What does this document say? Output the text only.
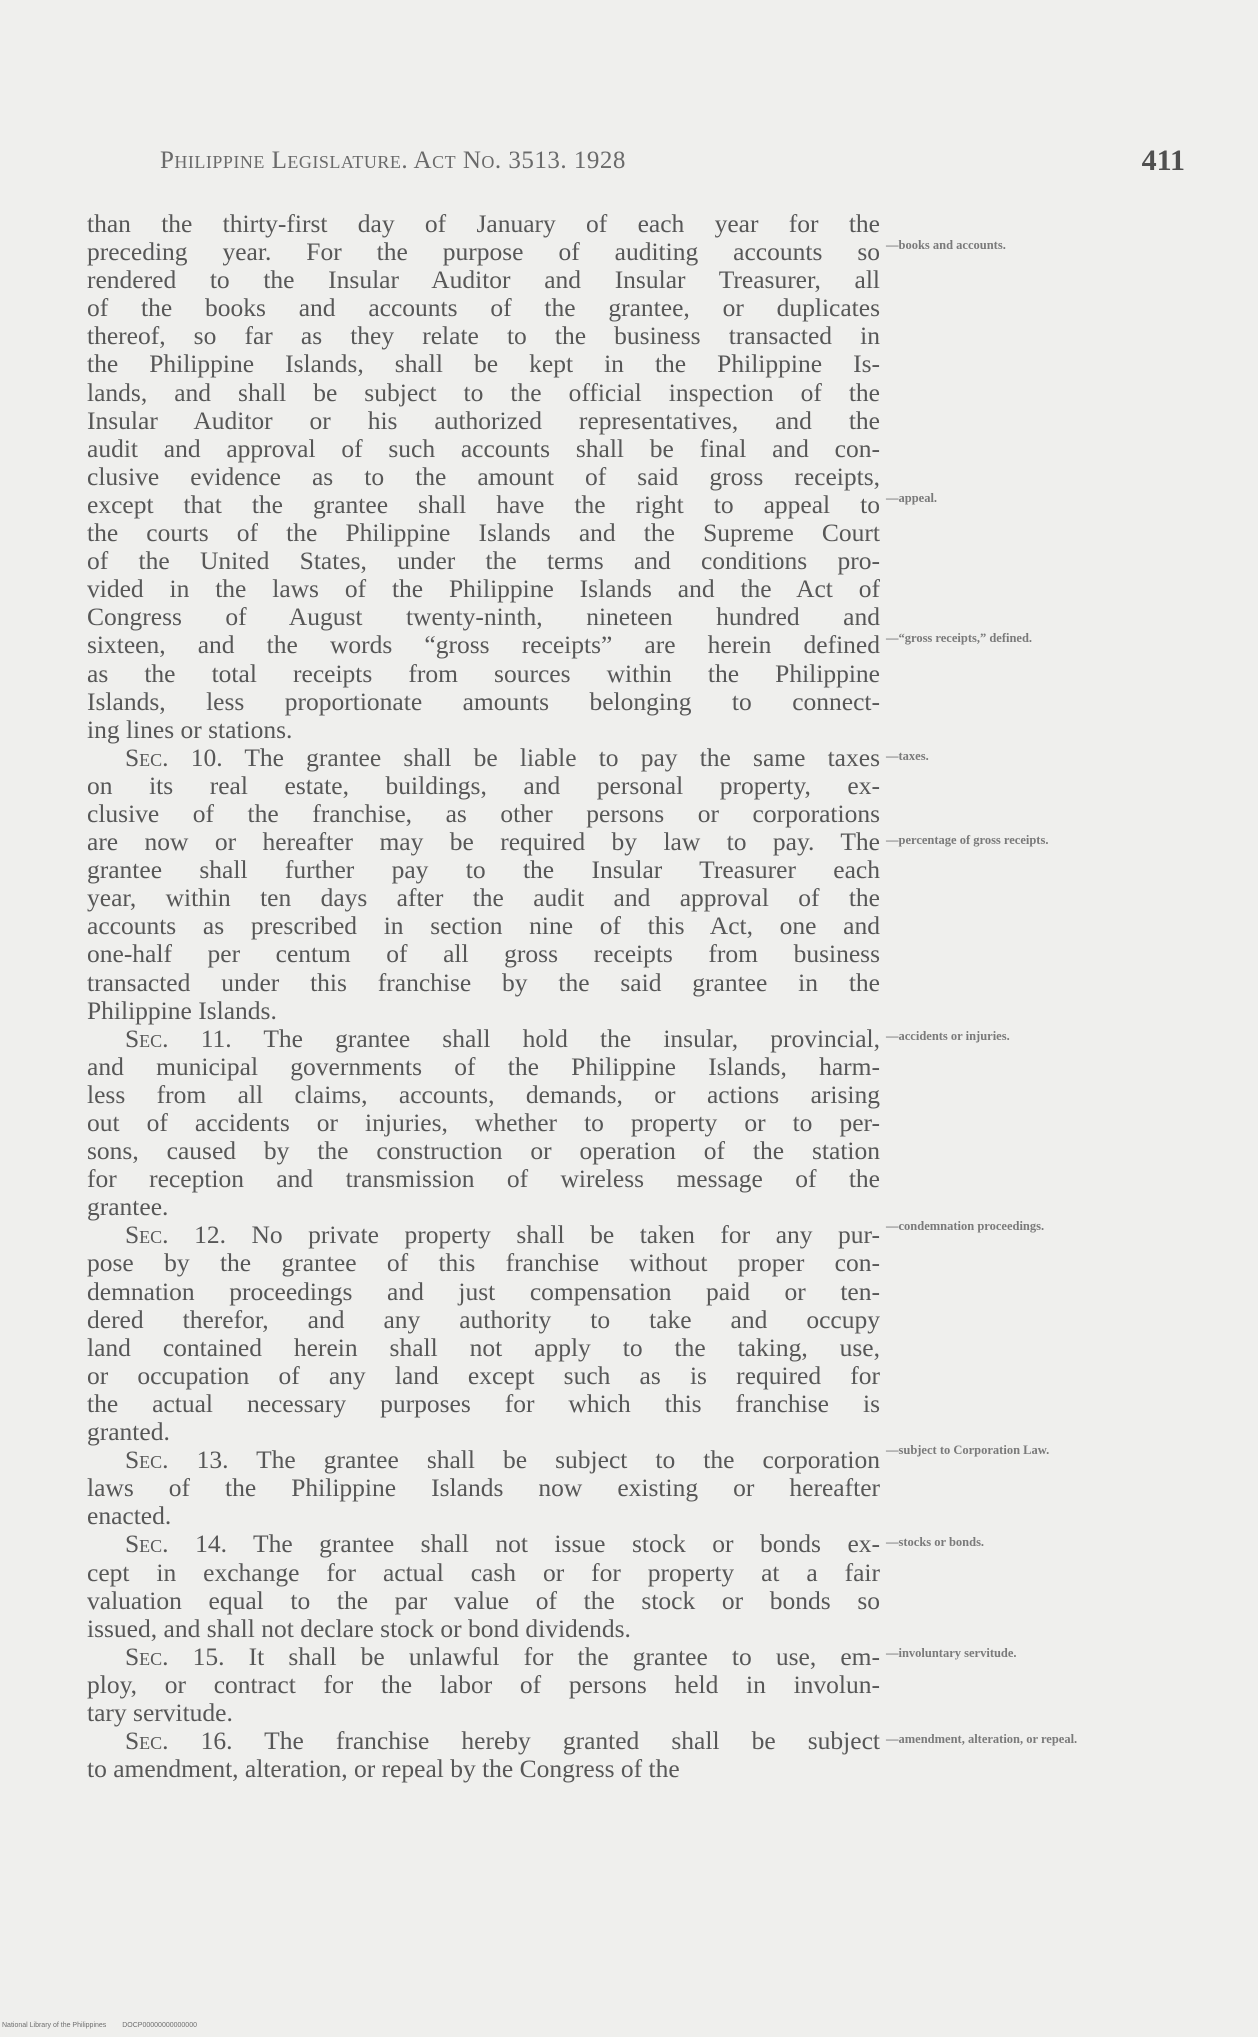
Philippine Legislature. Act No. 3513. 1928	411
than the thirty-first day of January of each year for the
preceding year. For the purpose of auditing accounts so
rendered to the Insular Auditor and Insular Treasurer, all
of the books and accounts of the grantee, or duplicates
thereof, so far as they relate to the business transacted in
the Philippine Islands, shall be kept in the Philippine Is-
lands, and shall be subject to the official inspection of the
Insular Auditor or his authorized representatives, and the
audit and approval of such accounts shall be final and con-
clusive evidence as to the amount of said gross receipts,
except that the grantee shall have the right to appeal to
the courts of the Philippine Islands and the Supreme Court
of the United States, under the terms and conditions pro-
vided in the laws of the Philippine Islands and the Act of
Congress of August twenty-ninth, nineteen hundred and
sixteen, and the words “gross receipts” are herein defined
as the total receipts from sources within the Philippine
Islands, less proportionate amounts belonging to connect-
ing lines or stations.
Sec. 10. The grantee shall be liable to pay the same taxes
on its real estate, buildings, and personal property, ex-
clusive of the franchise, as other persons or corporations
are now or hereafter may be required by law to pay. The
grantee shall further pay to the Insular Treasurer each
year, within ten days after the audit and approval of the
accounts as prescribed in section nine of this Act, one and
one-half per centum of all gross receipts from business
transacted under this franchise by the said grantee in the
Philippine Islands.
Sec. 11. The grantee shall hold the insular, provincial,
and municipal governments of the Philippine Islands, harm-
less from all claims, accounts, demands, or actions arising
out of accidents or injuries, whether to property or to per-
sons, caused by the construction or operation of the station
for reception and transmission of wireless message of the
grantee.
Sec. 12. No private property shall be taken for any pur-
pose by the grantee of this franchise without proper con-
demnation proceedings and just compensation paid or ten-
dered therefor, and any authority to take and occupy
land contained herein shall not apply to the taking, use,
or occupation of any land except such as is required for
the actual necessary purposes for which this franchise is
granted.
Sec. 13. The grantee shall be subject to the corporation
laws of the Philippine Islands now existing or hereafter
enacted.
Sec. 14. The grantee shall not issue stock or bonds ex-
cept in exchange for actual cash or for property at a fair
valuation equal to the par value of the stock or bonds so
issued, and shall not declare stock or bond dividends.
Sec. 15. It shall be unlawful for the grantee to use, em-
ploy, or contract for the labor of persons held in involun-
tary servitude.
Sec. 16. The franchise hereby granted shall be subject
to amendment, alteration, or repeal by the Congress of the
—books and accounts.
—appeal.
—“gross receipts,” defined.
—taxes.
—percentage of gross receipts.
—accidents or injuries.
—condemnation proceedings.
—subject to Corporation Law.
—stocks or bonds.
—involuntary servitude.
—amendment, alteration, or repeal.
National Library of the Philippines DOCP00000000000000
